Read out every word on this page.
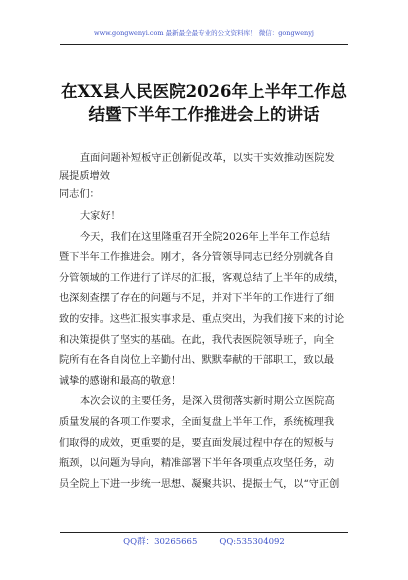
www.gongwenyi.com 最新最全最专业的公文资料库！ 微信：gongwenyj
在XX县人民医院2026年上半年工作总
结暨下半年工作推进会上的讲话
直面问题补短板守正创新促改革，以实干实效推动医院发
展提质增效
同志们：
大家好！
今天，我们在这里隆重召开全院2026年上半年工作总结
暨下半年工作推进会。刚才，各分管领导同志已经分别就各自
分管领域的工作进行了详尽的汇报，客观总结了上半年的成绩，
也深刻查摆了存在的问题与不足，并对下半年的工作进行了细
致的安排。这些汇报实事求是、重点突出，为我们接下来的讨论
和决策提供了坚实的基础。在此，我代表医院领导班子，向全
院所有在各自岗位上辛勤付出、默默奉献的干部职工，致以最
诚挚的感谢和最高的敬意！
本次会议的主要任务，是深入贯彻落实新时期公立医院高
质量发展的各项工作要求，全面复盘上半年工作，系统梳理我
们取得的成效，更重要的是，要直面发展过程中存在的短板与
瓶颈，以问题为导向，精准部署下半年各项重点攻坚任务，动
员全院上下进一步统一思想、凝聚共识、提振士气，以“守正创
QQ群：30265665	QQ:535304092
